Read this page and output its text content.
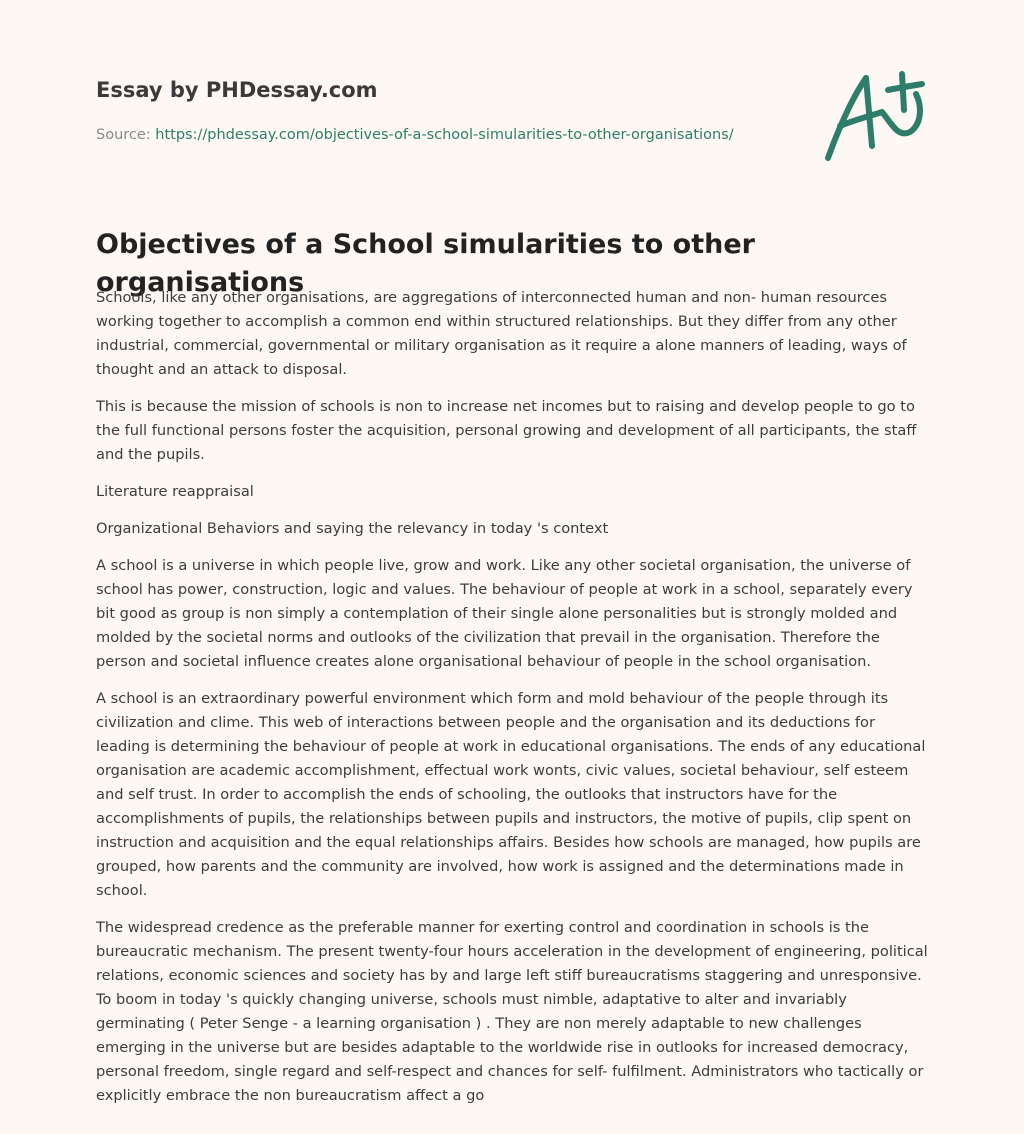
Essay by PHDessay.com
Source: https://phdessay.com/objectives-of-a-school-simularities-to-other-organisations/
Objectives of a School simularities to other organisations

Schools, like any other organisations, are aggregations of interconnected human and non- human resources working together to accomplish a common end within structured relationships. But they differ from any other industrial, commercial, governmental or military organisation as it require a alone manners of leading, ways of thought and an attack to disposal.

This is because the mission of schools is non to increase net incomes but to raising and develop people to go to the full functional persons foster the acquisition, personal growing and development of all participants, the staff and the pupils.

Literature reappraisal

Organizational Behaviors and saying the relevancy in today 's context

A school is a universe in which people live, grow and work. Like any other societal organisation, the universe of school has power, construction, logic and values. The behaviour of people at work in a school, separately every bit good as group is non simply a contemplation of their single alone personalities but is strongly molded and molded by the societal norms and outlooks of the civilization that prevail in the organisation. Therefore the person and societal influence creates alone organisational behaviour of people in the school organisation.

A school is an extraordinary powerful environment which form and mold behaviour of the people through its civilization and clime. This web of interactions between people and the organisation and its deductions for leading is determining the behaviour of people at work in educational organisations. The ends of any educational organisation are academic accomplishment, effectual work wonts, civic values, societal behaviour, self esteem and self trust. In order to accomplish the ends of schooling, the outlooks that instructors have for the accomplishments of pupils, the relationships between pupils and instructors, the motive of pupils, clip spent on instruction and acquisition and the equal relationships affairs. Besides how schools are managed, how pupils are grouped, how parents and the community are involved, how work is assigned and the determinations made in school.

The widespread credence as the preferable manner for exerting control and coordination in schools is the bureaucratic mechanism. The present twenty-four hours acceleration in the development of engineering, political relations, economic sciences and society has by and large left stiff bureaucratisms staggering and unresponsive. To boom in today 's quickly changing universe, schools must nimble, adaptative to alter and invariably germinating ( Peter Senge - a learning organisation ) . They are non merely adaptable to new challenges emerging in the universe but are besides adaptable to the worldwide rise in outlooks for increased democracy, personal freedom, single regard and self-respect and chances for self- fulfilment. Administrators who tactically or explicitly embrace the non bureaucratism affect a go
